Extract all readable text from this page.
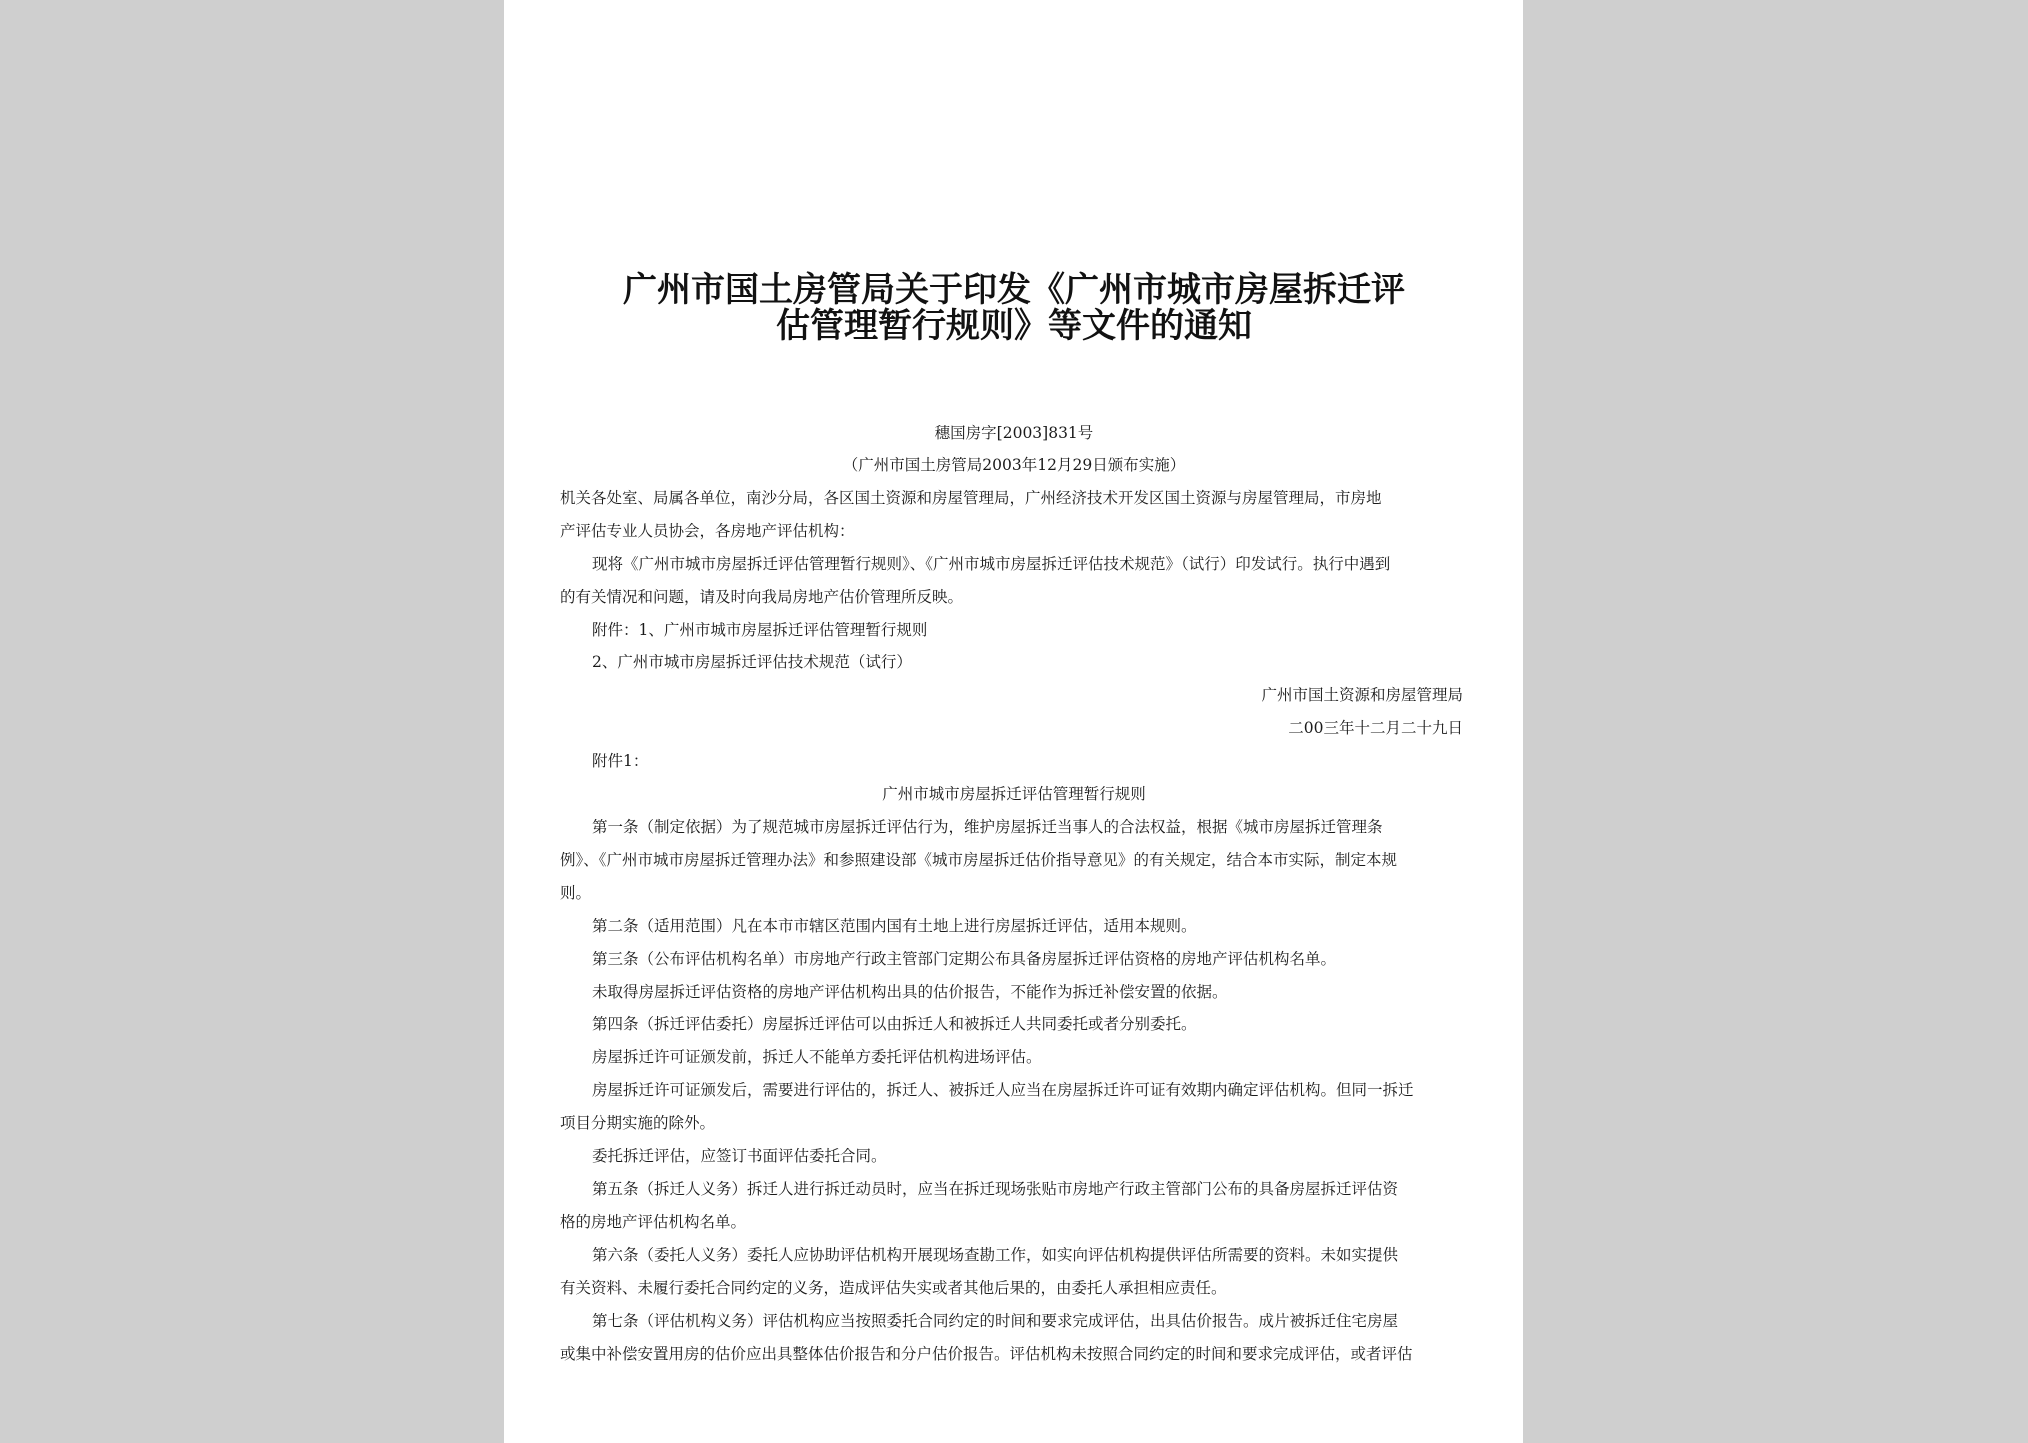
广州市国土房管局关于印发《广州市城市房屋拆迁评
估管理暂行规则》等文件的通知
穗国房字[2003]831号
（广州市国土房管局2003年12月29日颁布实施）
机关各处室、局属各单位，南沙分局，各区国土资源和房屋管理局，广州经济技术开发区国土资源与房屋管理局，市房地
产评估专业人员协会，各房地产评估机构：
现将《广州市城市房屋拆迁评估管理暂行规则》、《广州市城市房屋拆迁评估技术规范》（试行）印发试行。执行中遇到
的有关情况和问题，请及时向我局房地产估价管理所反映。
附件：1、广州市城市房屋拆迁评估管理暂行规则
2、广州市城市房屋拆迁评估技术规范（试行）
广州市国土资源和房屋管理局
二00三年十二月二十九日
附件1：
广州市城市房屋拆迁评估管理暂行规则
第一条（制定依据）为了规范城市房屋拆迁评估行为，维护房屋拆迁当事人的合法权益，根据《城市房屋拆迁管理条
例》、《广州市城市房屋拆迁管理办法》和参照建设部《城市房屋拆迁估价指导意见》的有关规定，结合本市实际，制定本规
则。
第二条（适用范围）凡在本市市辖区范围内国有土地上进行房屋拆迁评估，适用本规则。
第三条（公布评估机构名单）市房地产行政主管部门定期公布具备房屋拆迁评估资格的房地产评估机构名单。
未取得房屋拆迁评估资格的房地产评估机构出具的估价报告，不能作为拆迁补偿安置的依据。
第四条（拆迁评估委托）房屋拆迁评估可以由拆迁人和被拆迁人共同委托或者分别委托。
房屋拆迁许可证颁发前，拆迁人不能单方委托评估机构进场评估。
房屋拆迁许可证颁发后，需要进行评估的，拆迁人、被拆迁人应当在房屋拆迁许可证有效期内确定评估机构。但同一拆迁
项目分期实施的除外。
委托拆迁评估，应签订书面评估委托合同。
第五条（拆迁人义务）拆迁人进行拆迁动员时，应当在拆迁现场张贴市房地产行政主管部门公布的具备房屋拆迁评估资
格的房地产评估机构名单。
第六条（委托人义务）委托人应协助评估机构开展现场查勘工作，如实向评估机构提供评估所需要的资料。未如实提供
有关资料、未履行委托合同约定的义务，造成评估失实或者其他后果的，由委托人承担相应责任。
第七条（评估机构义务）评估机构应当按照委托合同约定的时间和要求完成评估，出具估价报告。成片被拆迁住宅房屋
或集中补偿安置用房的估价应出具整体估价报告和分户估价报告。评估机构未按照合同约定的时间和要求完成评估，或者评估
